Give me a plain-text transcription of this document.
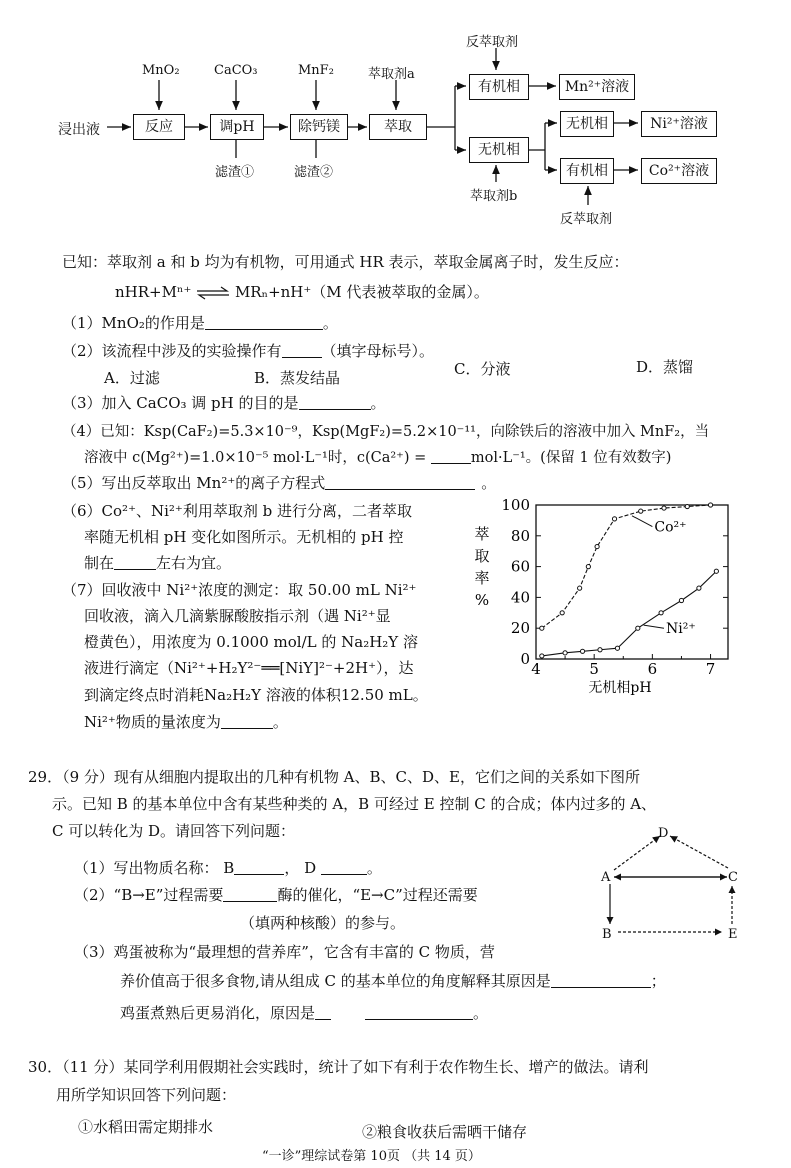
浸出液	反应	调pH	除钙镁	萃取
有机相
无机相
Mn²⁺溶液
无机相
有机相
Ni²⁺溶液
Co²⁺溶液
MnO₂	CaCO₃	MnF₂	萃取剂a
反萃取剂
萃取剂b
反萃取剂
滤渣①	滤渣②
已知：萃取剂 a 和 b 均为有机物，可用通式 HR 表示，萃取金属离子时，发生反应：
nHR+Mⁿ⁺ ⇌ MRₙ+nH⁺（M 代表被萃取的金属）。
（1）MnO₂的作用是	。
（2）该流程中涉及的实验操作有	（填字母标号）。
A．过滤	B．蒸发结晶	C．分液	D．蒸馏
（3）加入 CaCO₃ 调 pH 的目的是	。
（4）已知：Ksp(CaF₂)=5.3×10⁻⁹，Ksp(MgF₂)=5.2×10⁻¹¹，向除铁后的溶液中加入 MnF₂，当
溶液中 c(Mg²⁺)=1.0×10⁻⁵ mol·L⁻¹时，c(Ca²⁺) =	mol·L⁻¹。(保留 1 位有效数字)
（5）写出反萃取出 Mn²⁺的离子方程式	。
（6）Co²⁺、Ni²⁺利用萃取剂 b 进行分离，二者萃取
率随无机相 pH 变化如图所示。无机相的 pH 控
制在	左右为宜。
（7）回收液中 Ni²⁺浓度的测定：取 50.00 mL Ni²⁺
回收液，滴入几滴紫脲酸胺指示剂（遇 Ni²⁺显
橙黄色），用浓度为 0.1000 mol/L 的 Na₂H₂Y 溶
液进行滴定（Ni²⁺+H₂Y²⁻══[NiY]²⁻+2H⁺），达
到滴定终点时消耗Na₂H₂Y 溶液的体积12.50 mL。
Ni²⁺物质的量浓度为	。
0
20
40
60
80
100
4	5	6	7
无机相pH
萃
取
率
%
Co²⁺
Ni²⁺
29．（9 分）现有从细胞内提取出的几种有机物 A、B、C、D、E，它们之间的关系如下图所
示。已知 B 的基本单位中含有某些种类的 A，B 可经过 E 控制 C 的合成；体内过多的 A、
C 可以转化为 D。请回答下列问题：
（1）写出物质名称： B	， D	。
（2）“B→E”过程需要	酶的催化，“E→C”过程还需要
（填两种核酸）的参与。
（3）鸡蛋被称为“最理想的营养库”，它含有丰富的 C 物质，营
养价值高于很多食物,请从组成 C 的基本单位的角度解释其原因是	；
鸡蛋煮熟后更易消化，原因是	。
D
A	C
B	E
30．（11 分）某同学利用假期社会实践时，统计了如下有利于农作物生长、增产的做法。请利
用所学知识回答下列问题：
①水稻田需定期排水	②粮食收获后需晒干储存
“一诊”理综试卷第 10页 （共 14 页）
